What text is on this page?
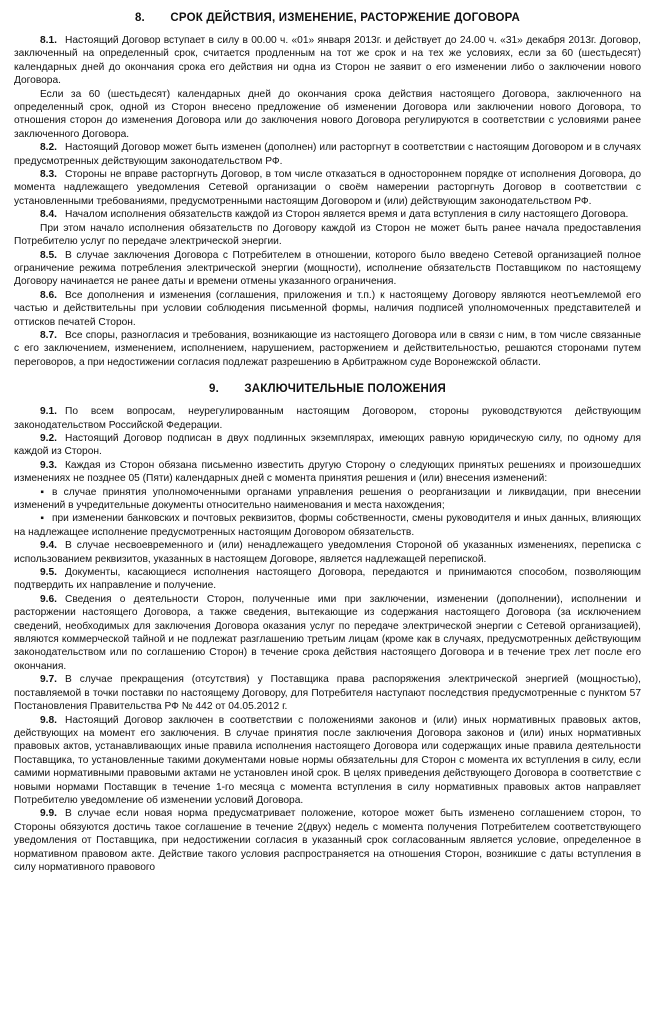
8. СРОК ДЕЙСТВИЯ, ИЗМЕНЕНИЕ, РАСТОРЖЕНИЕ ДОГОВОРА

8.1. Настоящий Договор вступает в силу в 00.00 ч. «01» января 2013г. и действует до 24.00 ч. «31» декабря 2013г. Договор, заключенный на определенный срок, считается продленным на тот же срок и на тех же условиях, если за 60 (шестьдесят) календарных дней до окончания срока его действия ни одна из Сторон не заявит о его изменении либо о заключении нового Договора.

Если за 60 (шестьдесят) календарных дней до окончания срока действия настоящего Договора, заключенного на определенный срок, одной из Сторон внесено предложение об изменении Договора или заключении нового Договора, то отношения сторон до изменения Договора или до заключения нового Договора регулируются в соответствии с условиями ранее заключенного Договора.

8.2. Настоящий Договор может быть изменен (дополнен) или расторгнут в соответствии с настоящим Договором и в случаях предусмотренных действующим законодательством РФ.

8.3. Стороны не вправе расторгнуть Договор, в том числе отказаться в одностороннем порядке от исполнения Договора, до момента надлежащего уведомления Сетевой организации о своём намерении расторгнуть Договор в соответствии с установленными требованиями, предусмотренными настоящим Договором и (или) действующим законодательством РФ.

8.4. Началом исполнения обязательств каждой из Сторон является время и дата вступления в силу настоящего Договора.

При этом начало исполнения обязательств по Договору каждой из Сторон не может быть ранее начала предоставления Потребителю услуг по передаче электрической энергии.

8.5. В случае заключения Договора с Потребителем в отношении, которого было введено Сетевой организацией полное ограничение режима потребления электрической энергии (мощности), исполнение обязательств Поставщиком по настоящему Договору начинается не ранее даты и времени отмены указанного ограничения.

8.6. Все дополнения и изменения (соглашения, приложения и т.п.) к настоящему Договору являются неотъемлемой его частью и действительны при условии соблюдения письменной формы, наличия подписей уполномоченных представителей и оттисков печатей Сторон.

8.7. Все споры, разногласия и требования, возникающие из настоящего Договора или в связи с ним, в том числе связанные с его заключением, изменением, исполнением, нарушением, расторжением и действительностью, решаются сторонами путем переговоров, а при недостижении согласия подлежат разрешению в Арбитражном суде Воронежской области.

9. ЗАКЛЮЧИТЕЛЬНЫЕ ПОЛОЖЕНИЯ

9.1. По всем вопросам, неурегулированным настоящим Договором, стороны руководствуются действующим законодательством Российской Федерации.

9.2. Настоящий Договор подписан в двух подлинных экземплярах, имеющих равную юридическую силу, по одному для каждой из Сторон.

9.3. Каждая из Сторон обязана письменно известить другую Сторону о следующих принятых решениях и произошедших изменениях не позднее 05 (Пяти) календарных дней с момента принятия решения и (или) внесения изменений:

▪ в случае принятия уполномоченными органами управления решения о реорганизации и ликвидации, при внесении изменений в учредительные документы относительно наименования и места нахождения;

▪ при изменении банковских и почтовых реквизитов, формы собственности, смены руководителя и иных данных, влияющих на надлежащее исполнение предусмотренных настоящим Договором обязательств.

9.4. В случае несвоевременного и (или) ненадлежащего уведомления Стороной об указанных изменениях, переписка с использованием реквизитов, указанных в настоящем Договоре, является надлежащей перепиской.

9.5. Документы, касающиеся исполнения настоящего Договора, передаются и принимаются способом, позволяющим подтвердить их направление и получение.

9.6. Сведения о деятельности Сторон, полученные ими при заключении, изменении (дополнении), исполнении и расторжении настоящего Договора, а также сведения, вытекающие из содержания настоящего Договора (за исключением сведений, необходимых для заключения Договора оказания услуг по передаче электрической энергии с Сетевой организацией), являются коммерческой тайной и не подлежат разглашению третьим лицам (кроме как в случаях, предусмотренных действующим законодательством или по соглашению Сторон) в течение срока действия настоящего Договора и в течение трех лет после его окончания.

9.7. В случае прекращения (отсутствия) у Поставщика права распоряжения электрической энергией (мощностью), поставляемой в точки поставки по настоящему Договору, для Потребителя наступают последствия предусмотренные с пунктом 57 Постановления Правительства РФ № 442 от 04.05.2012 г.

9.8. Настоящий Договор заключен в соответствии с положениями законов и (или) иных нормативных правовых актов, действующих на момент его заключения. В случае принятия после заключения Договора законов и (или) иных нормативных правовых актов, устанавливающих иные правила исполнения настоящего Договора или содержащих иные правила деятельности Поставщика, то установленные такими документами новые нормы обязательны для Сторон с момента их вступления в силу, если самими нормативными правовыми актами не установлен иной срок. В целях приведения действующего Договора в соответствие с новыми нормами Поставщик в течение 1-го месяца с момента вступления в силу нормативных правовых актов направляет Потребителю уведомление об изменении условий Договора.

9.9. В случае если новая норма предусматривает положение, которое может быть изменено соглашением сторон, то Стороны обязуются достичь такое соглашение в течение 2(двух) недель с момента получения Потребителем соответствующего уведомления от Поставщика, при недостижении согласия в указанный срок согласованным является условие, определенное в нормативном правовом акте. Действие такого условия распространяется на отношения Сторон, возникшие с даты вступления в силу нормативного правового
